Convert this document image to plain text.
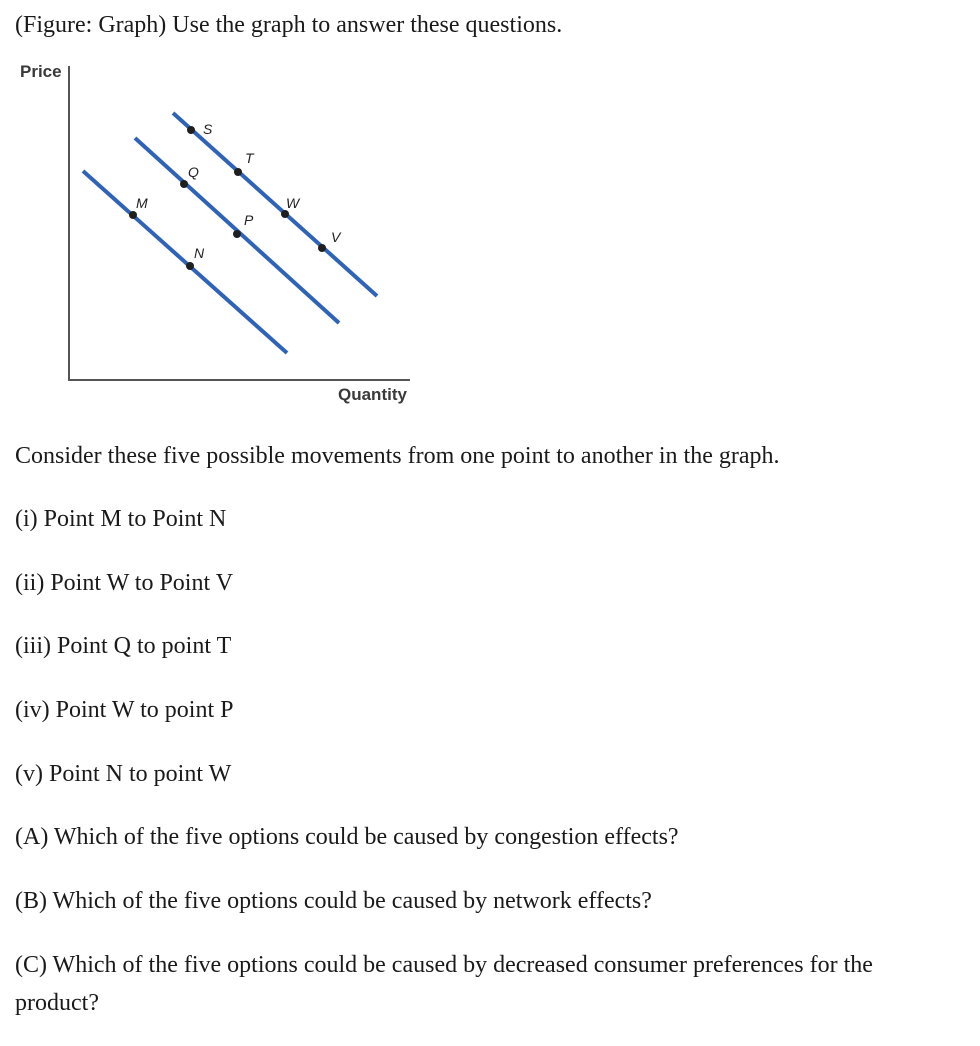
(Figure: Graph) Use the graph to answer these questions.

Price
Quantity
M
N
Q
P
S
T
W
V

Consider these five possible movements from one point to another in the graph.

(i) Point M to Point N

(ii) Point W to Point V

(iii) Point Q to point T

(iv) Point W to point P

(v) Point N to point W

(A) Which of the five options could be caused by congestion effects?

(B) Which of the five options could be caused by network effects?

(C) Which of the five options could be caused by decreased consumer preferences for the product?
